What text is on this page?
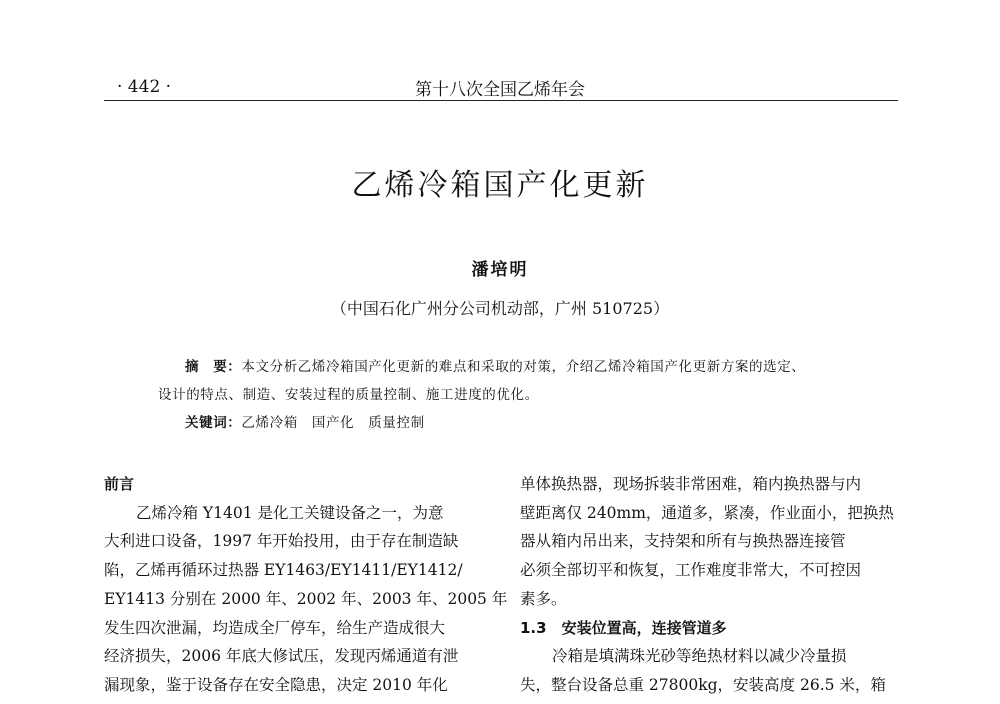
· 442 ·	第十八次全国乙烯年会
乙烯冷箱国产化更新
潘培明
（中国石化广州分公司机动部，广州 510725）
摘　要：本文分析乙烯冷箱国产化更新的难点和采取的对策，介绍乙烯冷箱国产化更新方案的选定、
设计的特点、制造、安装过程的质量控制、施工进度的优化。
关键词：乙烯冷箱　国产化　质量控制
前言
乙烯冷箱 Y1401 是化工关键设备之一，为意
大利进口设备，1997 年开始投用，由于存在制造缺
陷，乙烯再循环过热器 EY1463/EY1411/EY1412/
EY1413 分别在 2000 年、2002 年、2003 年、2005 年
发生四次泄漏，均造成全厂停车，给生产造成很大
经济损失，2006 年底大修试压，发现丙烯通道有泄
漏现象，鉴于设备存在安全隐患，决定 2010 年化
单体换热器，现场拆装非常困难，箱内换热器与内
壁距离仅 240mm，通道多，紧凑，作业面小，把换热
器从箱内吊出来，支持架和所有与换热器连接管
必须全部切平和恢复，工作难度非常大，不可控因
素多。
1.3　安装位置高，连接管道多
冷箱是填满珠光砂等绝热材料以减少冷量损
失，整台设备总重 27800kg，安装高度 26.5 米，箱
